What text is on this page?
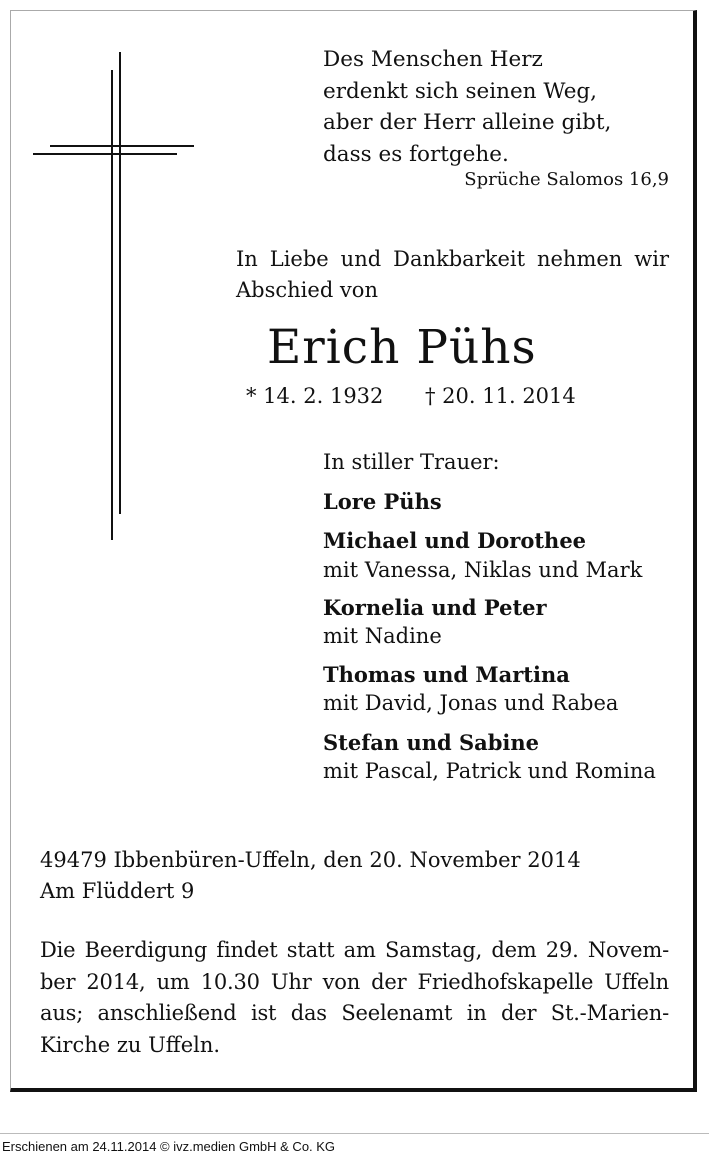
Des Menschen Herz
erdenkt sich seinen Weg,
aber der Herr alleine gibt,
dass es fortgehe.
Sprüche Salomos 16,9
In Liebe und Dankbarkeit nehmen wir
Abschied von
Erich Pühs
* 14. 2. 1932 † 20. 11. 2014
In stiller Trauer:
Lore Pühs
Michael und Dorothee
mit Vanessa, Niklas und Mark
Kornelia und Peter
mit Nadine
Thomas und Martina
mit David, Jonas und Rabea
Stefan und Sabine
mit Pascal, Patrick und Romina
49479 Ibbenbüren-Uffeln, den 20. November 2014
Am Flüddert 9
Die Beerdigung findet statt am Samstag, dem 29. Novem-
ber 2014, um 10.30 Uhr von der Friedhofskapelle Uffeln
aus; anschließend ist das Seelenamt in der St.-Marien-
Kirche zu Uffeln.
Erschienen am 24.11.2014 © ivz.medien GmbH & Co. KG
